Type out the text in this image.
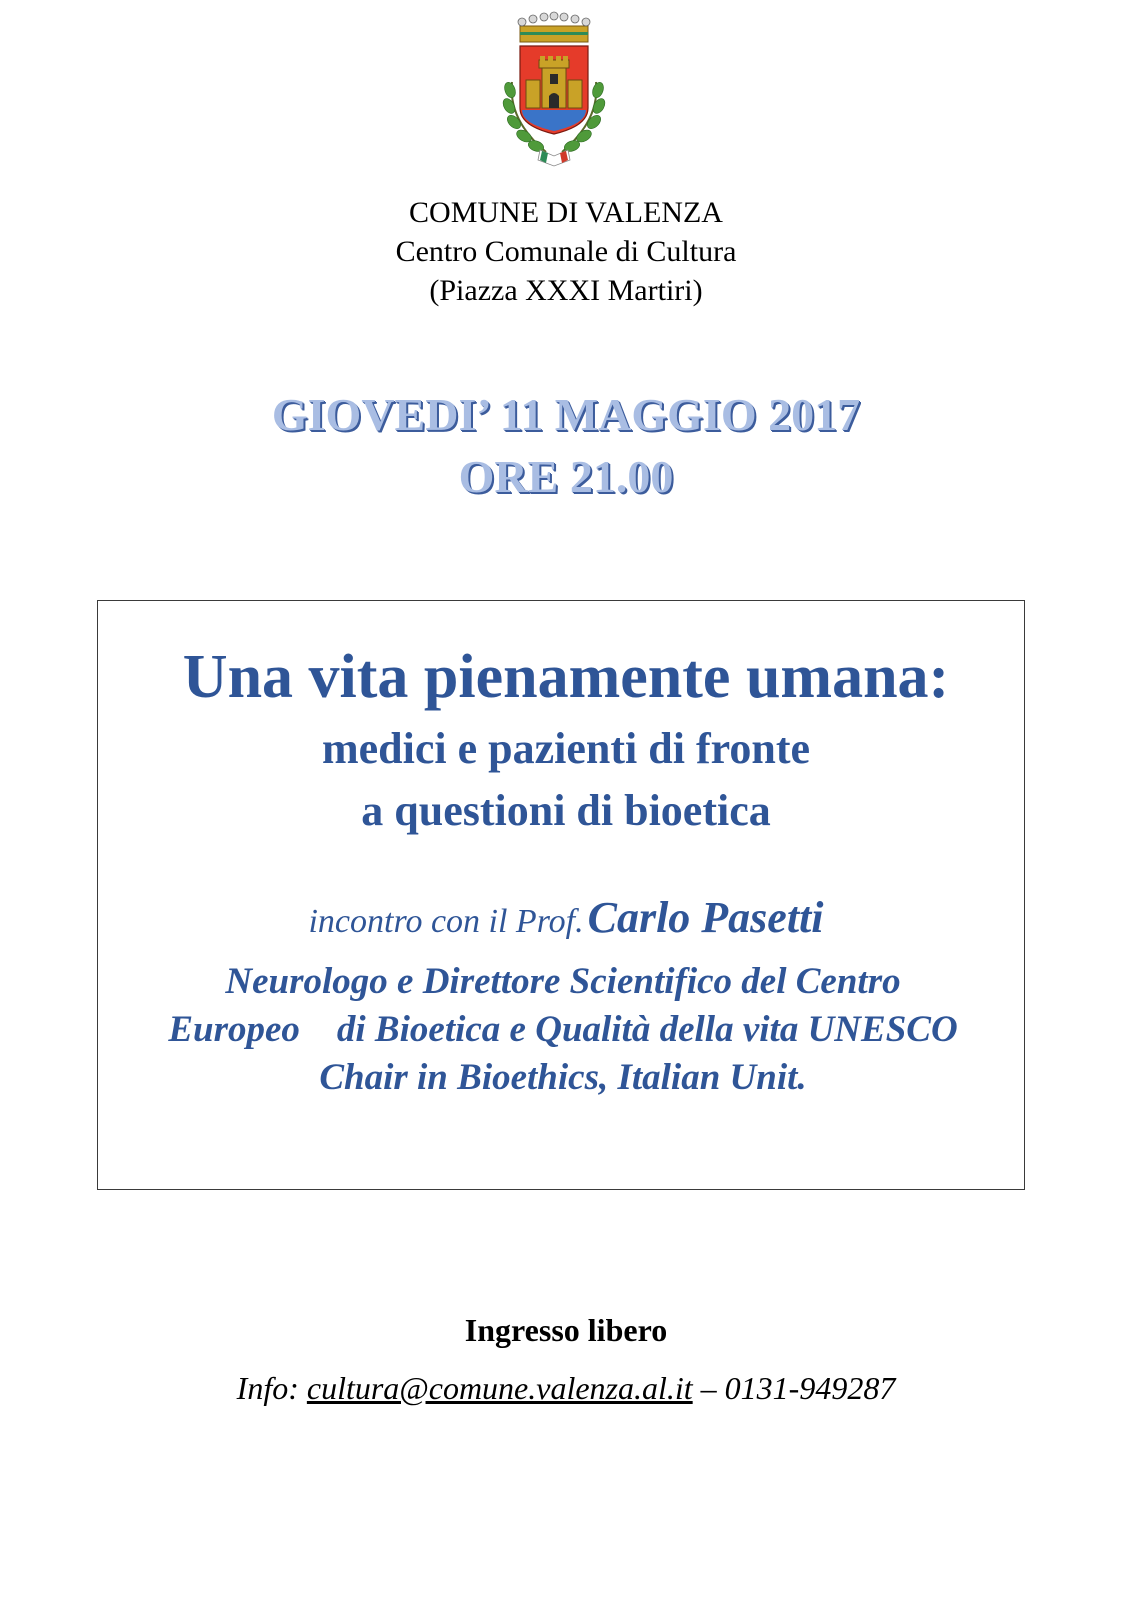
COMUNE DI VALENZA
Centro Comunale di Cultura
(Piazza XXXI Martiri)
GIOVEDI’ 11 MAGGIO 2017
ORE 21.00
Una vita pienamente umana:
medici e pazienti di fronte
a questioni di bioetica
incontro con il Prof. Carlo Pasetti
Neurologo e Direttore Scientifico del Centro
Europeo    di Bioetica e Qualità della vita UNESCO
Chair in Bioethics, Italian Unit.
Ingresso libero
Info: cultura@comune.valenza.al.it – 0131-949287
